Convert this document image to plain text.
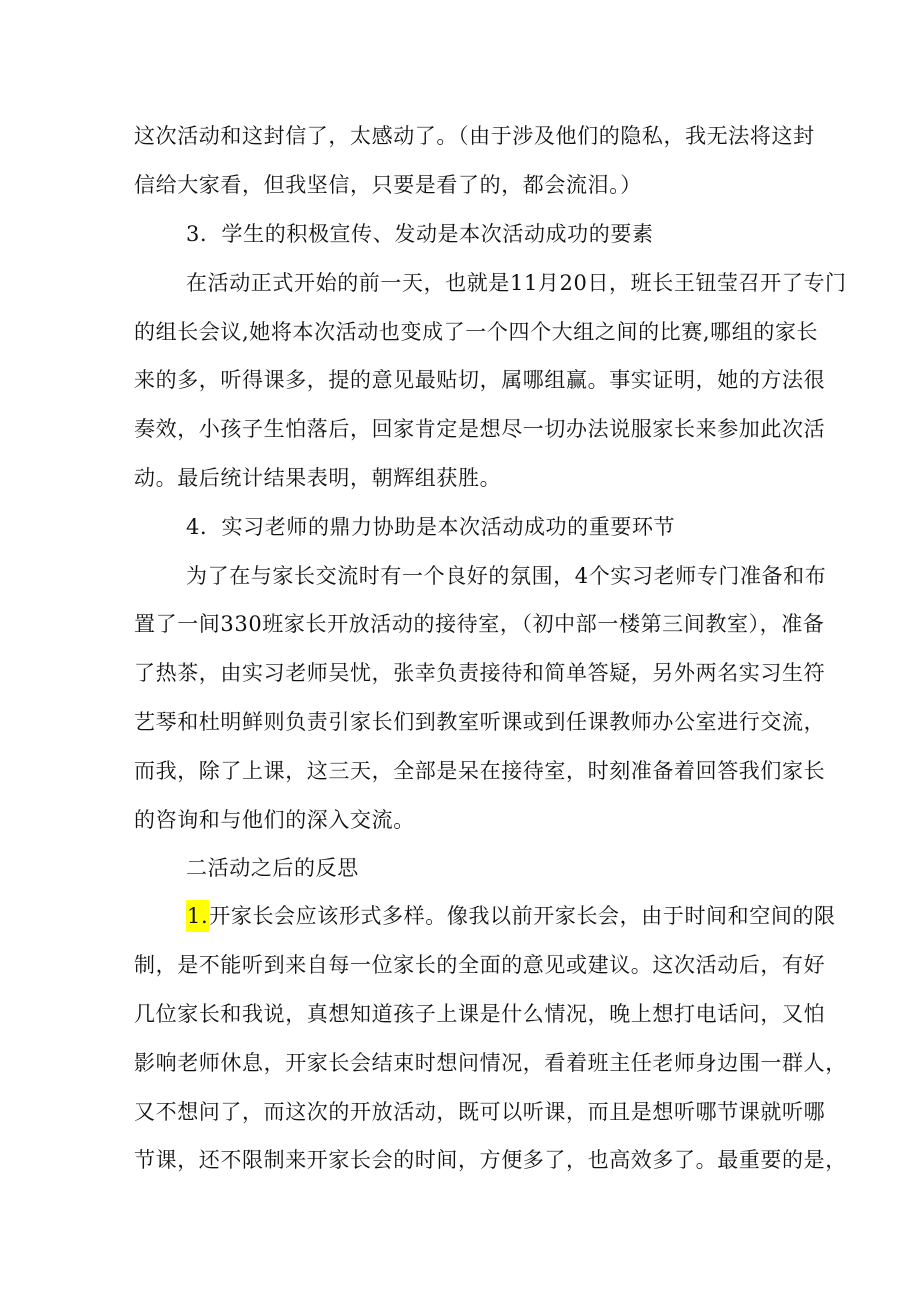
这次活动和这封信了，太感动了。（由于涉及他们的隐私，我无法将这封
信给大家看，但我坚信，只要是看了的，都会流泪。）
3．学生的积极宣传、发动是本次活动成功的要素
在活动正式开始的前一天，也就是11月20日，班长王钮莹召开了专门
的组长会议,她将本次活动也变成了一个四个大组之间的比赛,哪组的家长
来的多，听得课多，提的意见最贴切，属哪组赢。事实证明，她的方法很
奏效，小孩子生怕落后，回家肯定是想尽一切办法说服家长来参加此次活
动。最后统计结果表明，朝辉组获胜。
4．实习老师的鼎力协助是本次活动成功的重要环节
为了在与家长交流时有一个良好的氛围，4个实习老师专门准备和布
置了一间330班家长开放活动的接待室，（初中部一楼第三间教室），准备
了热茶，由实习老师吴忧，张幸负责接待和简单答疑，另外两名实习生符
艺琴和杜明鲜则负责引家长们到教室听课或到任课教师办公室进行交流，
而我，除了上课，这三天，全部是呆在接待室，时刻准备着回答我们家长
的咨询和与他们的深入交流。
二活动之后的反思
1.开家长会应该形式多样。像我以前开家长会，由于时间和空间的限
制，是不能听到来自每一位家长的全面的意见或建议。这次活动后，有好
几位家长和我说，真想知道孩子上课是什么情况，晚上想打电话问，又怕
影响老师休息，开家长会结束时想问情况，看着班主任老师身边围一群人，
又不想问了，而这次的开放活动，既可以听课，而且是想听哪节课就听哪
节课，还不限制来开家长会的时间，方便多了，也高效多了。最重要的是，
